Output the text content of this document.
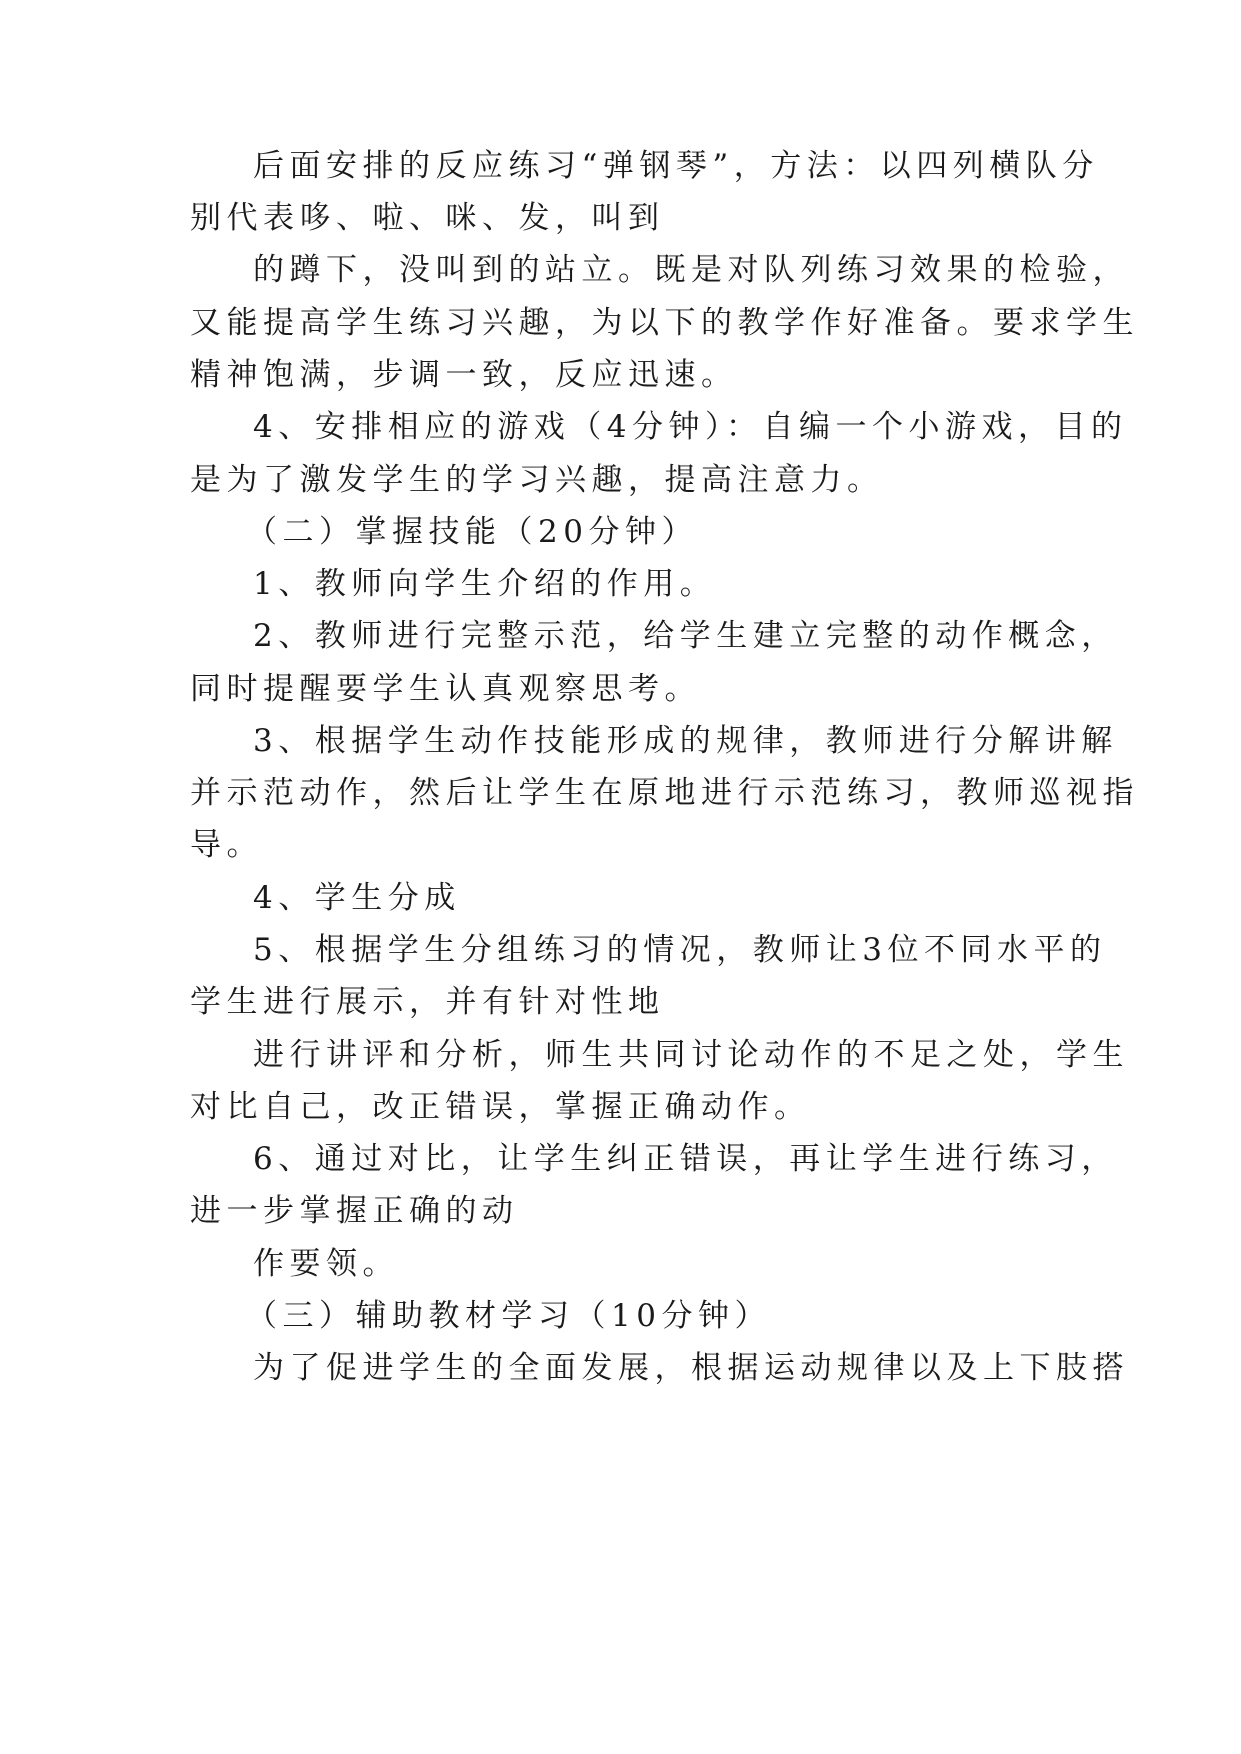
后面安排的反应练习“弹钢琴”，方法：以四列横队分
别代表哆、啦、咪、发，叫到
的蹲下，没叫到的站立。既是对队列练习效果的检验，
又能提高学生练习兴趣，为以下的教学作好准备。要求学生
精神饱满，步调一致，反应迅速。
4、安排相应的游戏（4分钟）：自编一个小游戏，目的
是为了激发学生的学习兴趣，提高注意力。
（二）掌握技能（20分钟）
1、教师向学生介绍的作用。
2、教师进行完整示范，给学生建立完整的动作概念，
同时提醒要学生认真观察思考。
3、根据学生动作技能形成的规律，教师进行分解讲解
并示范动作，然后让学生在原地进行示范练习，教师巡视指
导。
4、学生分成
5、根据学生分组练习的情况，教师让3位不同水平的
学生进行展示，并有针对性地
进行讲评和分析，师生共同讨论动作的不足之处，学生
对比自己，改正错误，掌握正确动作。
6、通过对比，让学生纠正错误，再让学生进行练习，
进一步掌握正确的动
作要领。
（三）辅助教材学习（10分钟）
为了促进学生的全面发展，根据运动规律以及上下肢搭
